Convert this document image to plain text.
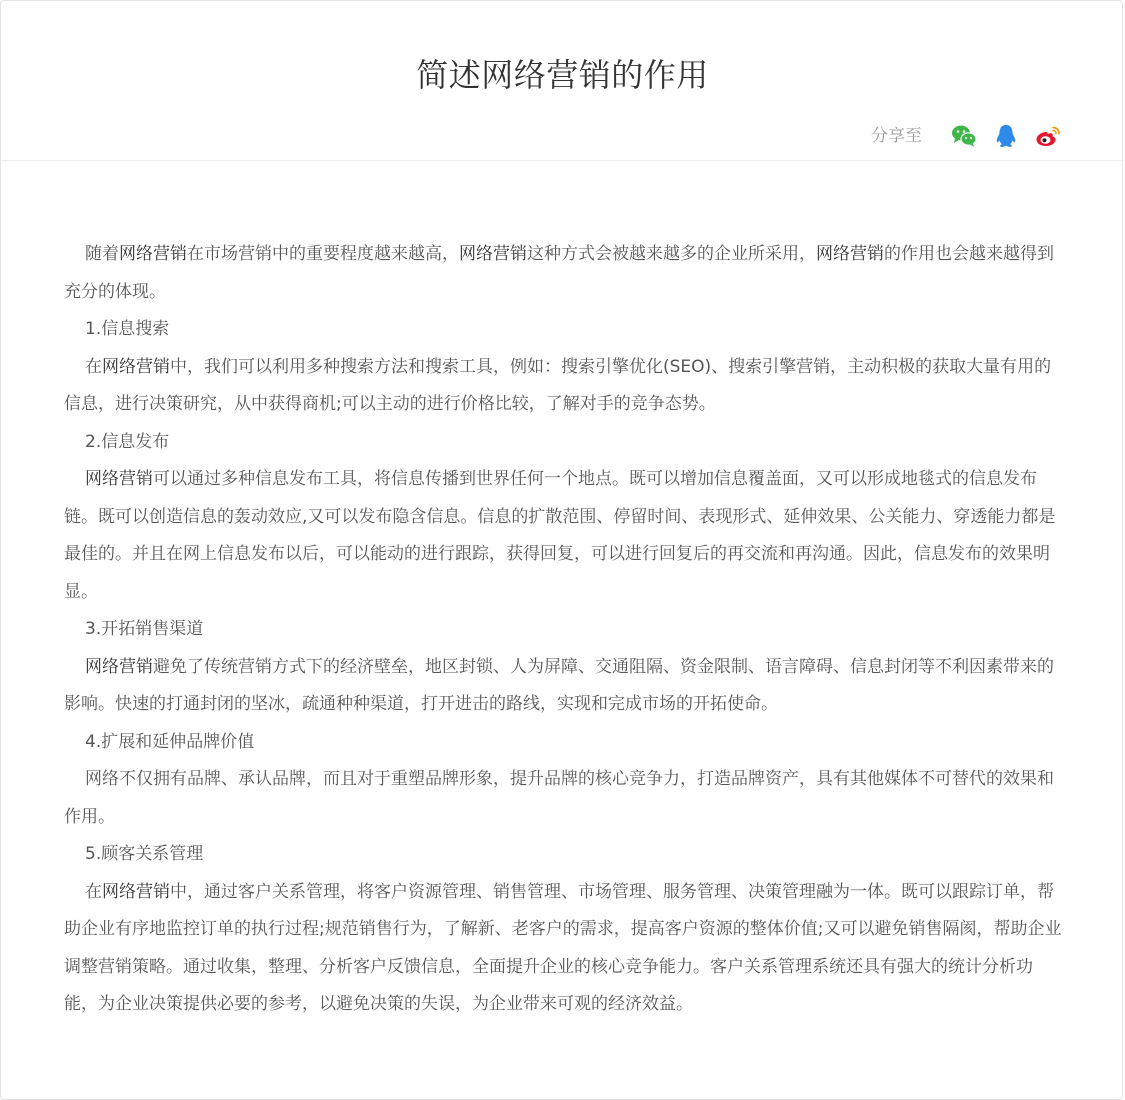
简述网络营销的作用
分享至

随着网络营销在市场营销中的重要程度越来越高，网络营销这种方式会被越来越多的企业所采用，网络营销的作用也会越来越得到充分的体现。

1.信息搜索

在网络营销中，我们可以利用多种搜索方法和搜索工具，例如：搜索引擎优化(SEO)、搜索引擎营销，主动积极的获取大量有用的信息，进行决策研究，从中获得商机;可以主动的进行价格比较，了解对手的竞争态势。

2.信息发布

网络营销可以通过多种信息发布工具，将信息传播到世界任何一个地点。既可以增加信息覆盖面，又可以形成地毯式的信息发布链。既可以创造信息的轰动效应,又可以发布隐含信息。信息的扩散范围、停留时间、表现形式、延伸效果、公关能力、穿透能力都是最佳的。并且在网上信息发布以后，可以能动的进行跟踪，获得回复，可以进行回复后的再交流和再沟通。因此，信息发布的效果明显。

3.开拓销售渠道

网络营销避免了传统营销方式下的经济壁垒，地区封锁、人为屏障、交通阻隔、资金限制、语言障碍、信息封闭等不利因素带来的影响。快速的打通封闭的坚冰，疏通种种渠道，打开进击的路线，实现和完成市场的开拓使命。

4.扩展和延伸品牌价值

网络不仅拥有品牌、承认品牌，而且对于重塑品牌形象，提升品牌的核心竞争力，打造品牌资产，具有其他媒体不可替代的效果和作用。

5.顾客关系管理

在网络营销中，通过客户关系管理，将客户资源管理、销售管理、市场管理、服务管理、决策管理融为一体。既可以跟踪订单，帮助企业有序地监控订单的执行过程;规范销售行为，了解新、老客户的需求，提高客户资源的整体价值;又可以避免销售隔阂，帮助企业调整营销策略。通过收集，整理、分析客户反馈信息，全面提升企业的核心竞争能力。客户关系管理系统还具有强大的统计分析功能，为企业决策提供必要的参考，以避免决策的失误，为企业带来可观的经济效益。
